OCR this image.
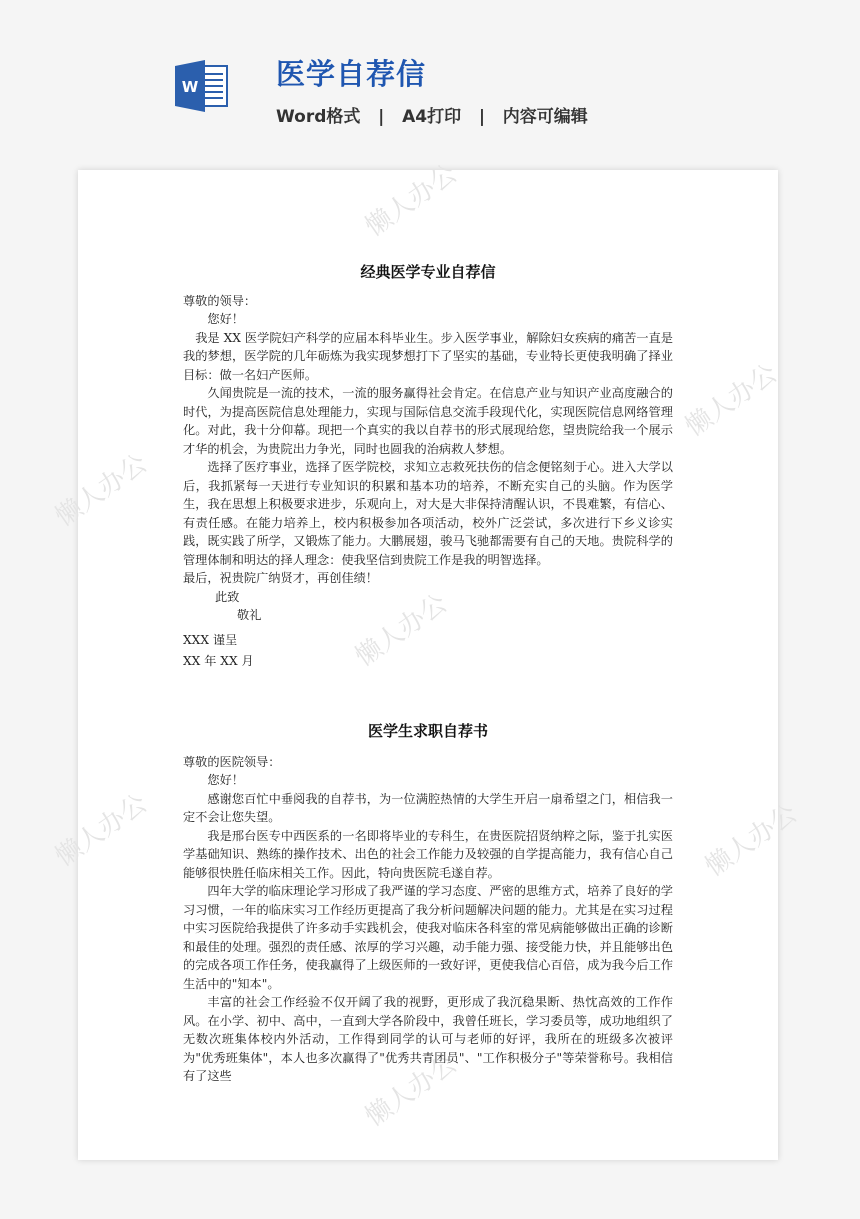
W	医学自荐信
Word格式   |   A4打印   |   内容可编辑
懒人办公
懒人办公
懒人办公
懒人办公
懒人办公	懒人办公
懒人办公
经典医学专业自荐信

尊敬的领导：

您好！

我是 XX 医学院妇产科学的应届本科毕业生。步入医学事业，解除妇女疾病的痛苦一直是我的梦想，医学院的几年砺炼为我实现梦想打下了坚实的基础，专业特长更使我明确了择业目标：做一名妇产医师。

久闻贵院是一流的技术，一流的服务赢得社会肯定。在信息产业与知识产业高度融合的时代，为提高医院信息处理能力，实现与国际信息交流手段现代化，实现医院信息网络管理化。对此，我十分仰幕。现把一个真实的我以自荐书的形式展现给您，望贵院给我一个展示才华的机会，为贵院出力争光，同时也圆我的治病救人梦想。

选择了医疗事业，选择了医学院校，求知立志救死扶伤的信念便铭刻于心。进入大学以后，我抓紧每一天进行专业知识的积累和基本功的培养，不断充实自己的头脑。作为医学生，我在思想上积极要求进步，乐观向上，对大是大非保持清醒认识，不畏难繁，有信心、有责任感。在能力培养上，校内积极参加各项活动，校外广泛尝试，多次进行下乡义诊实践，既实践了所学，又锻炼了能力。大鹏展翅，骏马飞驰都需要有自己的天地。贵院科学的管理体制和明达的择人理念：使我坚信到贵院工作是我的明智选择。

最后，祝贵院广纳贤才，再创佳绩！

此致

敬礼

XXX 谨呈

XX 年 XX 月

医学生求职自荐书

尊敬的医院领导：

您好！

感谢您百忙中垂阅我的自荐书，为一位满腔热情的大学生开启一扇希望之门，相信我一定不会让您失望。

我是邢台医专中西医系的一名即将毕业的专科生，在贵医院招贤纳粹之际，鉴于扎实医学基础知识、熟练的操作技术、出色的社会工作能力及较强的自学提高能力，我有信心自己能够很快胜任临床相关工作。因此，特向贵医院毛遂自荐。

四年大学的临床理论学习形成了我严谨的学习态度、严密的思维方式，培养了良好的学习习惯，一年的临床实习工作经历更提高了我分析问题解决问题的能力。尤其是在实习过程中实习医院给我提供了许多动手实践机会，使我对临床各科室的常见病能够做出正确的诊断和最佳的处理。强烈的责任感、浓厚的学习兴趣，动手能力强、接受能力快，并且能够出色的完成各项工作任务，使我赢得了上级医师的一致好评，更使我信心百倍，成为我今后工作生活中的"知本"。

丰富的社会工作经验不仅开阔了我的视野，更形成了我沉稳果断、热忱高效的工作作风。在小学、初中、高中，一直到大学各阶段中，我曾任班长，学习委员等，成功地组织了无数次班集体校内外活动，工作得到同学的认可与老师的好评，我所在的班级多次被评为"优秀班集体"，本人也多次赢得了"优秀共青团员"、"工作积极分子"等荣誉称号。我相信有了这些
